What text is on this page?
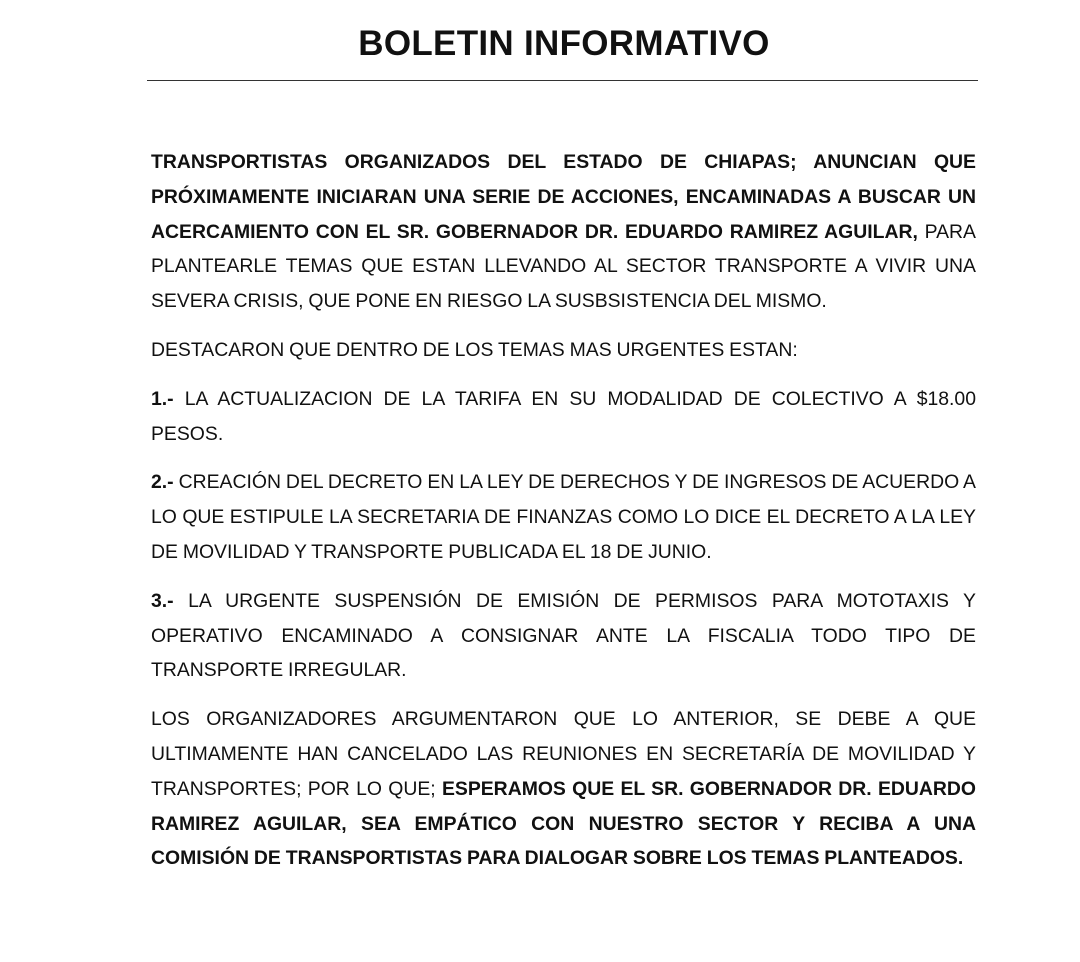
BOLETIN INFORMATIVO

TRANSPORTISTAS ORGANIZADOS DEL ESTADO DE CHIAPAS; ANUNCIAN QUE PRÓXIMAMENTE INICIARAN UNA SERIE DE ACCIONES, ENCAMINADAS A BUSCAR UN ACERCAMIENTO CON EL SR. GOBERNADOR DR. EDUARDO RAMIREZ AGUILAR, PARA PLANTEARLE TEMAS QUE ESTAN LLEVANDO AL SECTOR TRANSPORTE A VIVIR UNA SEVERA CRISIS, QUE PONE EN RIESGO LA SUSBSISTENCIA DEL MISMO.

DESTACARON QUE DENTRO DE LOS TEMAS MAS URGENTES ESTAN:

1.- LA ACTUALIZACION DE LA TARIFA EN SU MODALIDAD DE COLECTIVO A $18.00 PESOS.

2.- CREACIÓN DEL DECRETO EN LA LEY DE DERECHOS Y DE INGRESOS DE ACUERDO A LO QUE ESTIPULE LA SECRETARIA DE FINANZAS COMO LO DICE EL DECRETO A LA LEY DE MOVILIDAD Y TRANSPORTE PUBLICADA EL 18 DE JUNIO.

3.- LA URGENTE SUSPENSIÓN DE EMISIÓN DE PERMISOS PARA MOTOTAXIS Y OPERATIVO ENCAMINADO A CONSIGNAR ANTE LA FISCALIA TODO TIPO DE TRANSPORTE IRREGULAR.

LOS ORGANIZADORES ARGUMENTARON QUE LO ANTERIOR, SE DEBE A QUE ULTIMAMENTE HAN CANCELADO LAS REUNIONES EN SECRETARÍA DE MOVILIDAD Y TRANSPORTES; POR LO QUE; ESPERAMOS QUE EL SR. GOBERNADOR DR. EDUARDO RAMIREZ AGUILAR, SEA EMPÁTICO CON NUESTRO SECTOR Y RECIBA A UNA COMISIÓN DE TRANSPORTISTAS PARA DIALOGAR SOBRE LOS TEMAS PLANTEADOS.
